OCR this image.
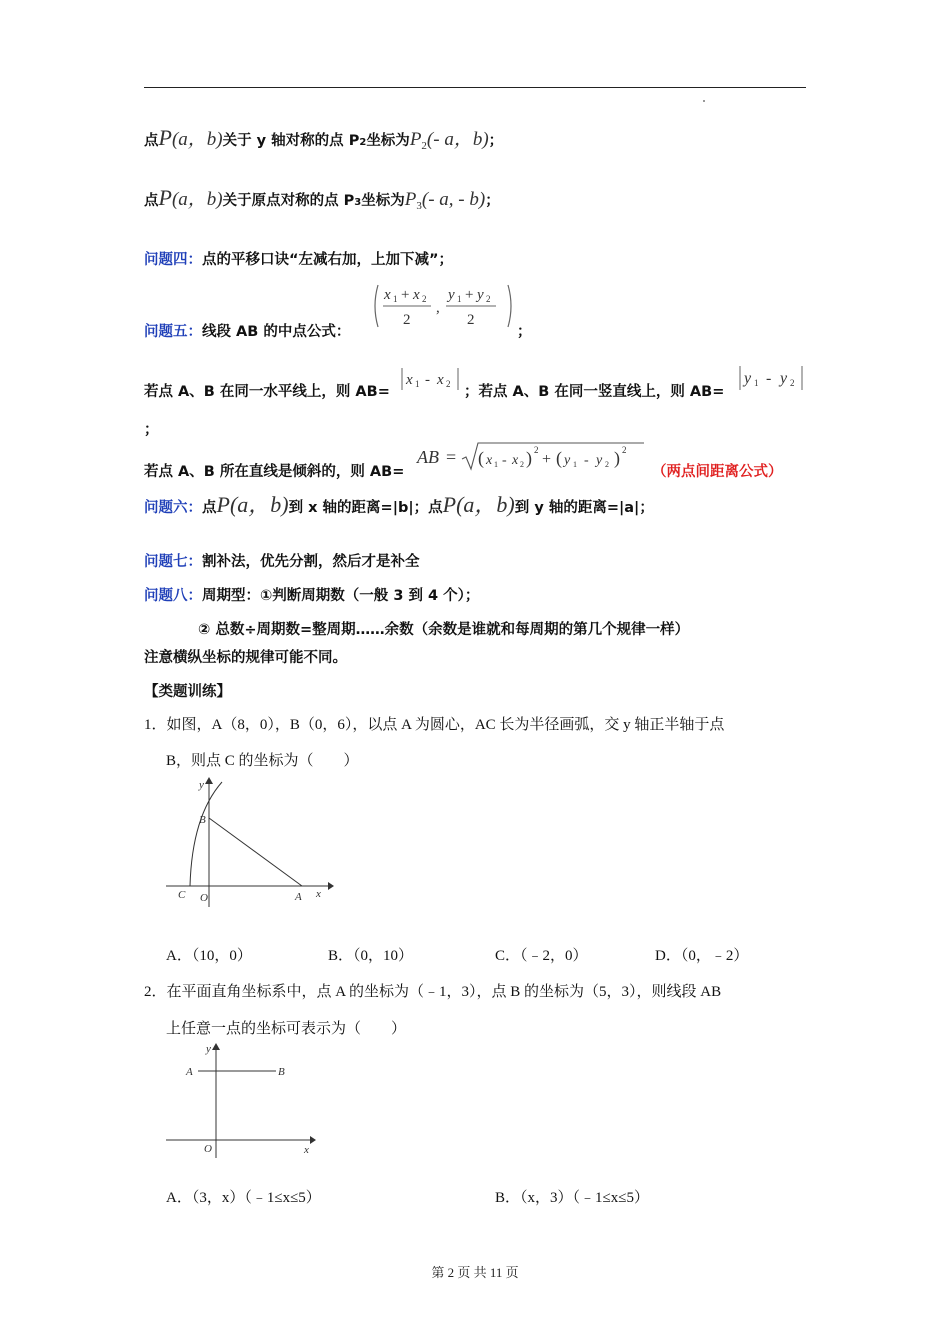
点P(a，b)关于 y 轴对称的点 P2坐标为$P_2(-$ a，b)；
点P(a，b)关于原点对称的点 P3坐标为$P_3(-$ a, - b)；
问题四：点的平移口诀“左减右加，上加下减”；
问题五：线段 AB 的中点公式：
x 1 + x 2
2
,
y 1 + y 2
2
；
若点 A、B 在同一水平线上，则 AB=
x 1 - x 2 ；若点 A、B 在同一竖直线上，则 AB=
y 1 - y 2
；
若点 A、B 所在直线是倾斜的，则 AB=
AB = ( x 1 - x 2 ) 2
+ ( y 1 - y 2 ) 2
（两点间距离公式）
问题六：点P(a，b)到 x 轴的距离=|b|；点P(a，b)到 y 轴的距离=|a|；
问题七：割补法，优先分割，然后才是补全
问题八：周期型：①判断周期数（一般 3 到 4 个）；
② 总数÷周期数=整周期……余数（余数是谁就和每周期的第几个规律一样）
注意横纵坐标的规律可能不同。
【类题训练】
1．如图，A（8，0），B（0，6），以点 A 为圆心，AC 长为半径画弧，交 y 轴正半轴于点
B，则点 C 的坐标为（　　）
y
x
B
C O	A
A．（10，0）	B．（0，10）	C．（﹣2，0）	D．（0，﹣2）
2．在平面直角坐标系中，点 A 的坐标为（﹣1，3），点 B 的坐标为（5，3），则线段 AB
上任意一点的坐标可表示为（　　）
y
x
A	B
O
A．（3，x）（﹣1≤x≤5）	B．（x，3）（﹣1≤x≤5）
第 2 页 共 11 页
